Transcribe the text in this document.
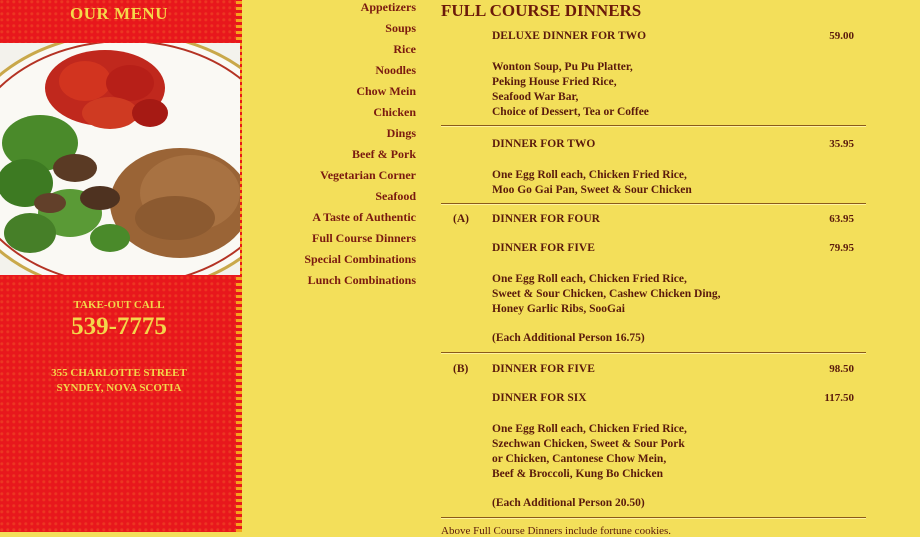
OUR MENU
TAKE-OUT CALL
539-7775
355 CHARLOTTE STREET
SYNDEY, NOVA SCOTIA
Appetizers
Soups
Rice
Noodles
Chow Mein
Chicken
Dings
Beef & Pork
Vegetarian Corner
Seafood
A Taste of Authentic
Full Course Dinners
Special Combinations
Lunch Combinations
FULL COURSE DINNERS
DELUXE DINNER FOR TWO	59.00
Wonton Soup, Pu Pu Platter,
Peking House Fried Rice,
Seafood War Bar,
Choice of Dessert, Tea or Coffee
DINNER FOR TWO	35.95
One Egg Roll each, Chicken Fried Rice,
Moo Go Gai Pan, Sweet & Sour Chicken
(A) DINNER FOR FOUR	63.95
DINNER FOR FIVE	79.95
One Egg Roll each, Chicken Fried Rice,
Sweet & Sour Chicken, Cashew Chicken Ding,
Honey Garlic Ribs, SooGai
(Each Additional Person 16.75)
(B) DINNER FOR FIVE	98.50
DINNER FOR SIX	117.50
One Egg Roll each, Chicken Fried Rice,
Szechwan Chicken, Sweet & Sour Pork
or Chicken, Cantonese Chow Mein,
Beef & Broccoli, Kung Bo Chicken
(Each Additional Person 20.50)
Above Full Course Dinners include fortune cookies.
